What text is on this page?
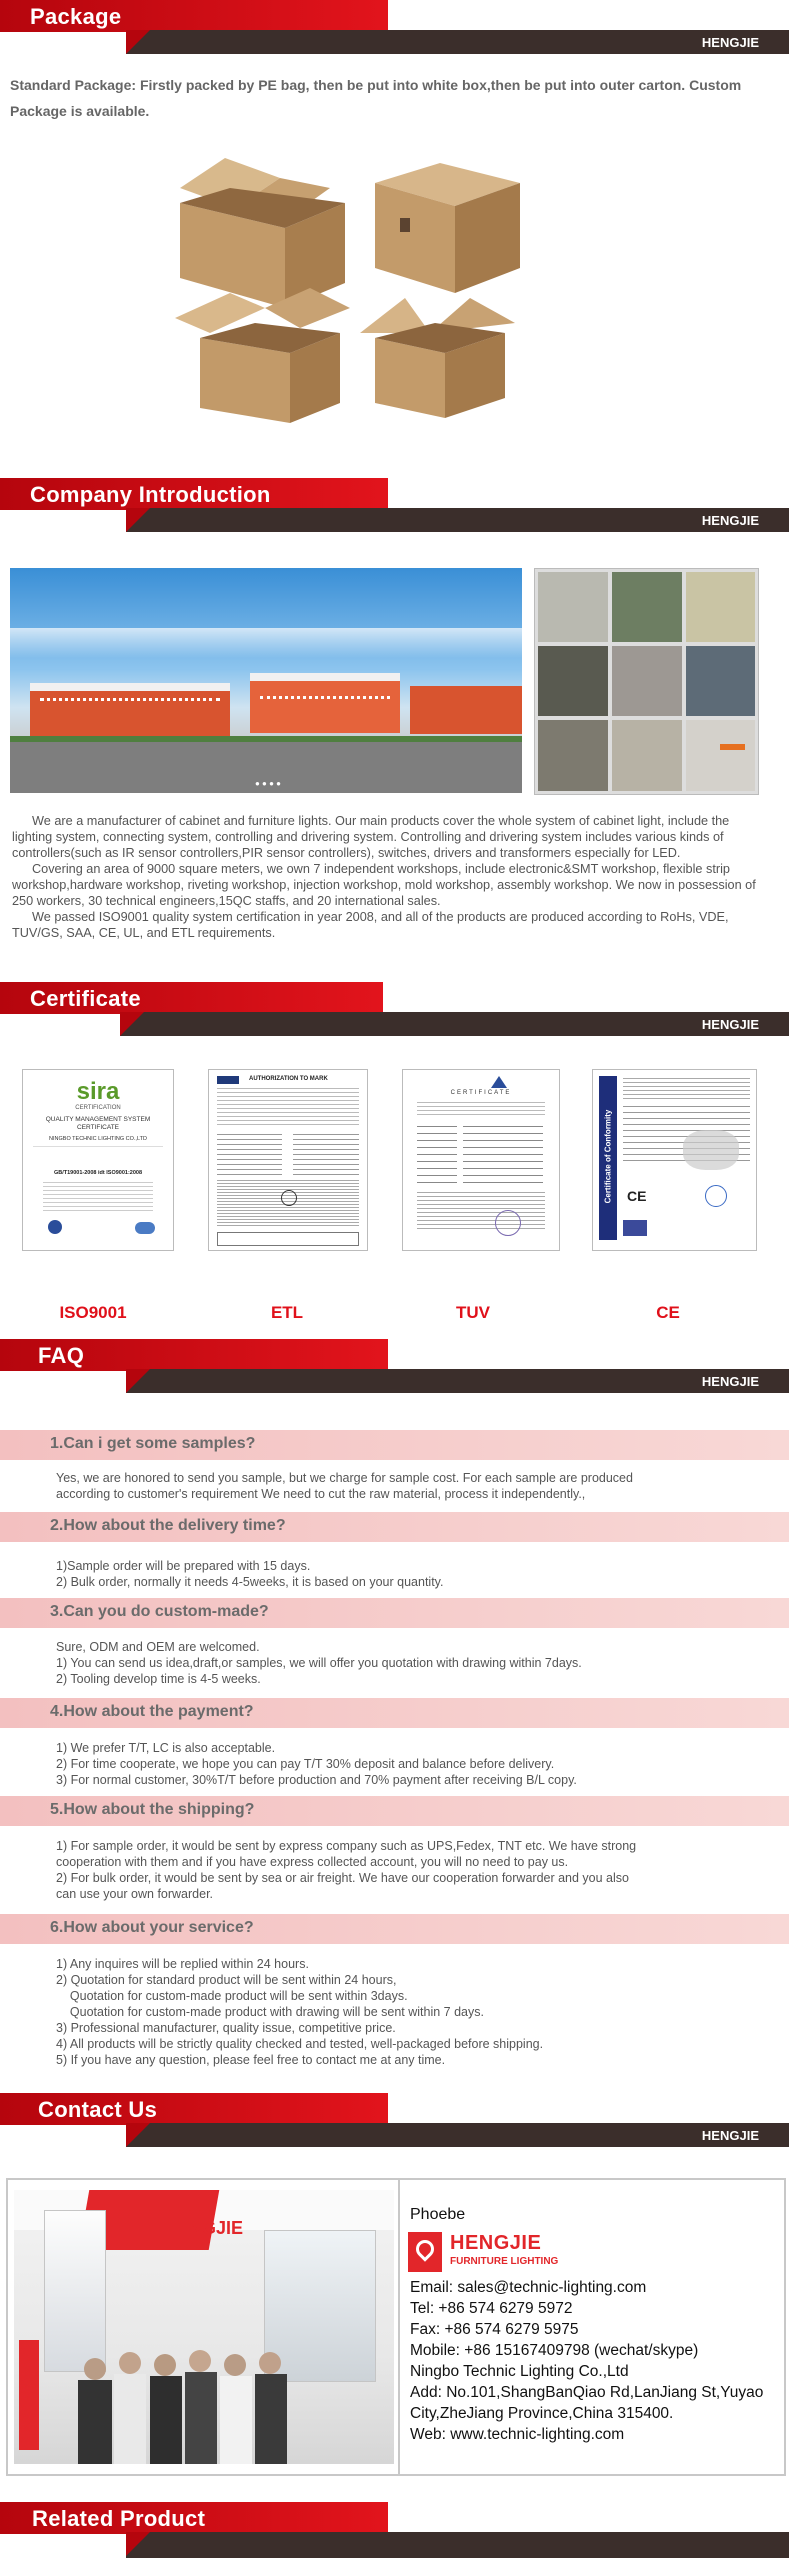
Package
HENGJIE

Standard Package: Firstly packed by PE bag, then be put into white box,then be put into outer carton. Custom Package is available.

Company Introduction
HENGJIE
● ● ● ●

We are a manufacturer of cabinet and furniture lights. Our main products cover the whole system of cabinet light, include the lighting system, connecting system, controlling and drivering system. Controlling and drivering system includes various kinds of controllers(such as IR sensor controllers,PIR sensor controllers), switches, drivers and transformers especially for LED.

Covering an area of 9000 square meters, we own 7 independent workshops, include electronic&SMT workshop, flexible strip workshop,hardware workshop, riveting workshop, injection workshop, mold workshop, assembly workshop. We now in possession of 250 workers, 30 technical engineers,15QC staffs, and 20 international sales.

We passed ISO9001 quality system certification in year 2008, and all of the products are produced according to RoHs, VDE, TUV/GS, SAA, CE, UL, and ETL requirements.

Certificate
HENGJIE
sira
CERTIFICATION
QUALITY MANAGEMENT SYSTEM
CERTIFICATE
NINGBO TECHNIC LIGHTING CO.,LTD
GB/T19001-2008 idt ISO9001:2008
ISO9001
AUTHORIZATION TO MARK
ETL
CERTIFICATE
TUV
Certificate of Conformity CE
CE
FAQ
HENGJIE
1.Can i get some samples?
Yes, we are honored to send you sample, but we charge for sample cost. For each sample are produced
according to customer's requirement We need to cut the raw material, process it independently.,
2.How about the delivery time?
1)Sample order will be prepared with 15 days.
2) Bulk order, normally it needs 4-5weeks, it is based on your quantity.
3.Can you do custom-made?
Sure, ODM and OEM are welcomed.
1) You can send us idea,draft,or samples, we will offer you quotation with drawing within 7days.
2) Tooling develop time is 4-5 weeks.
4.How about the payment?
1) We prefer T/T, LC is also acceptable.
2) For time cooperate, we hope you can pay T/T 30% deposit and balance before delivery.
3) For normal customer, 30%T/T before production and 70% payment after receiving B/L copy.
5.How about the shipping?
1) For sample order, it would be sent by express company such as UPS,Fedex, TNT etc. We have strong
cooperation with them and if you have express collected account, you will no need to pay us.
2) For bulk order, it would be sent by sea or air freight. We have our cooperation forwarder and you also
can use your own forwarder.
6.How about your service?
1) Any inquires will be replied within 24 hours.
2) Quotation for standard product will be sent within 24 hours,
Quotation for custom-made product will be sent within 3days.
Quotation for custom-made product with drawing will be sent within 7 days.
3) Professional manufacturer, quality issue, competitive price.
4) All products will be strictly quality checked and tested, well-packaged before shipping.
5) If you have any question, please feel free to contact me at any time.
Contact Us
HENGJIE
HENGJIE
Phoebe
HENGJIE
FURNITURE LIGHTING
Email: sales@technic-lighting.com
Tel: +86 574 6279 5972
Fax: +86 574 6279 5975
Mobile: +86 15167409798 (wechat/skype)
Ningbo Technic Lighting Co.,Ltd
Add: No.101,ShangBanQiao Rd,LanJiang St,Yuyao
City,ZheJiang Province,China 315400.
Web: www.technic-lighting.com
Related Product
